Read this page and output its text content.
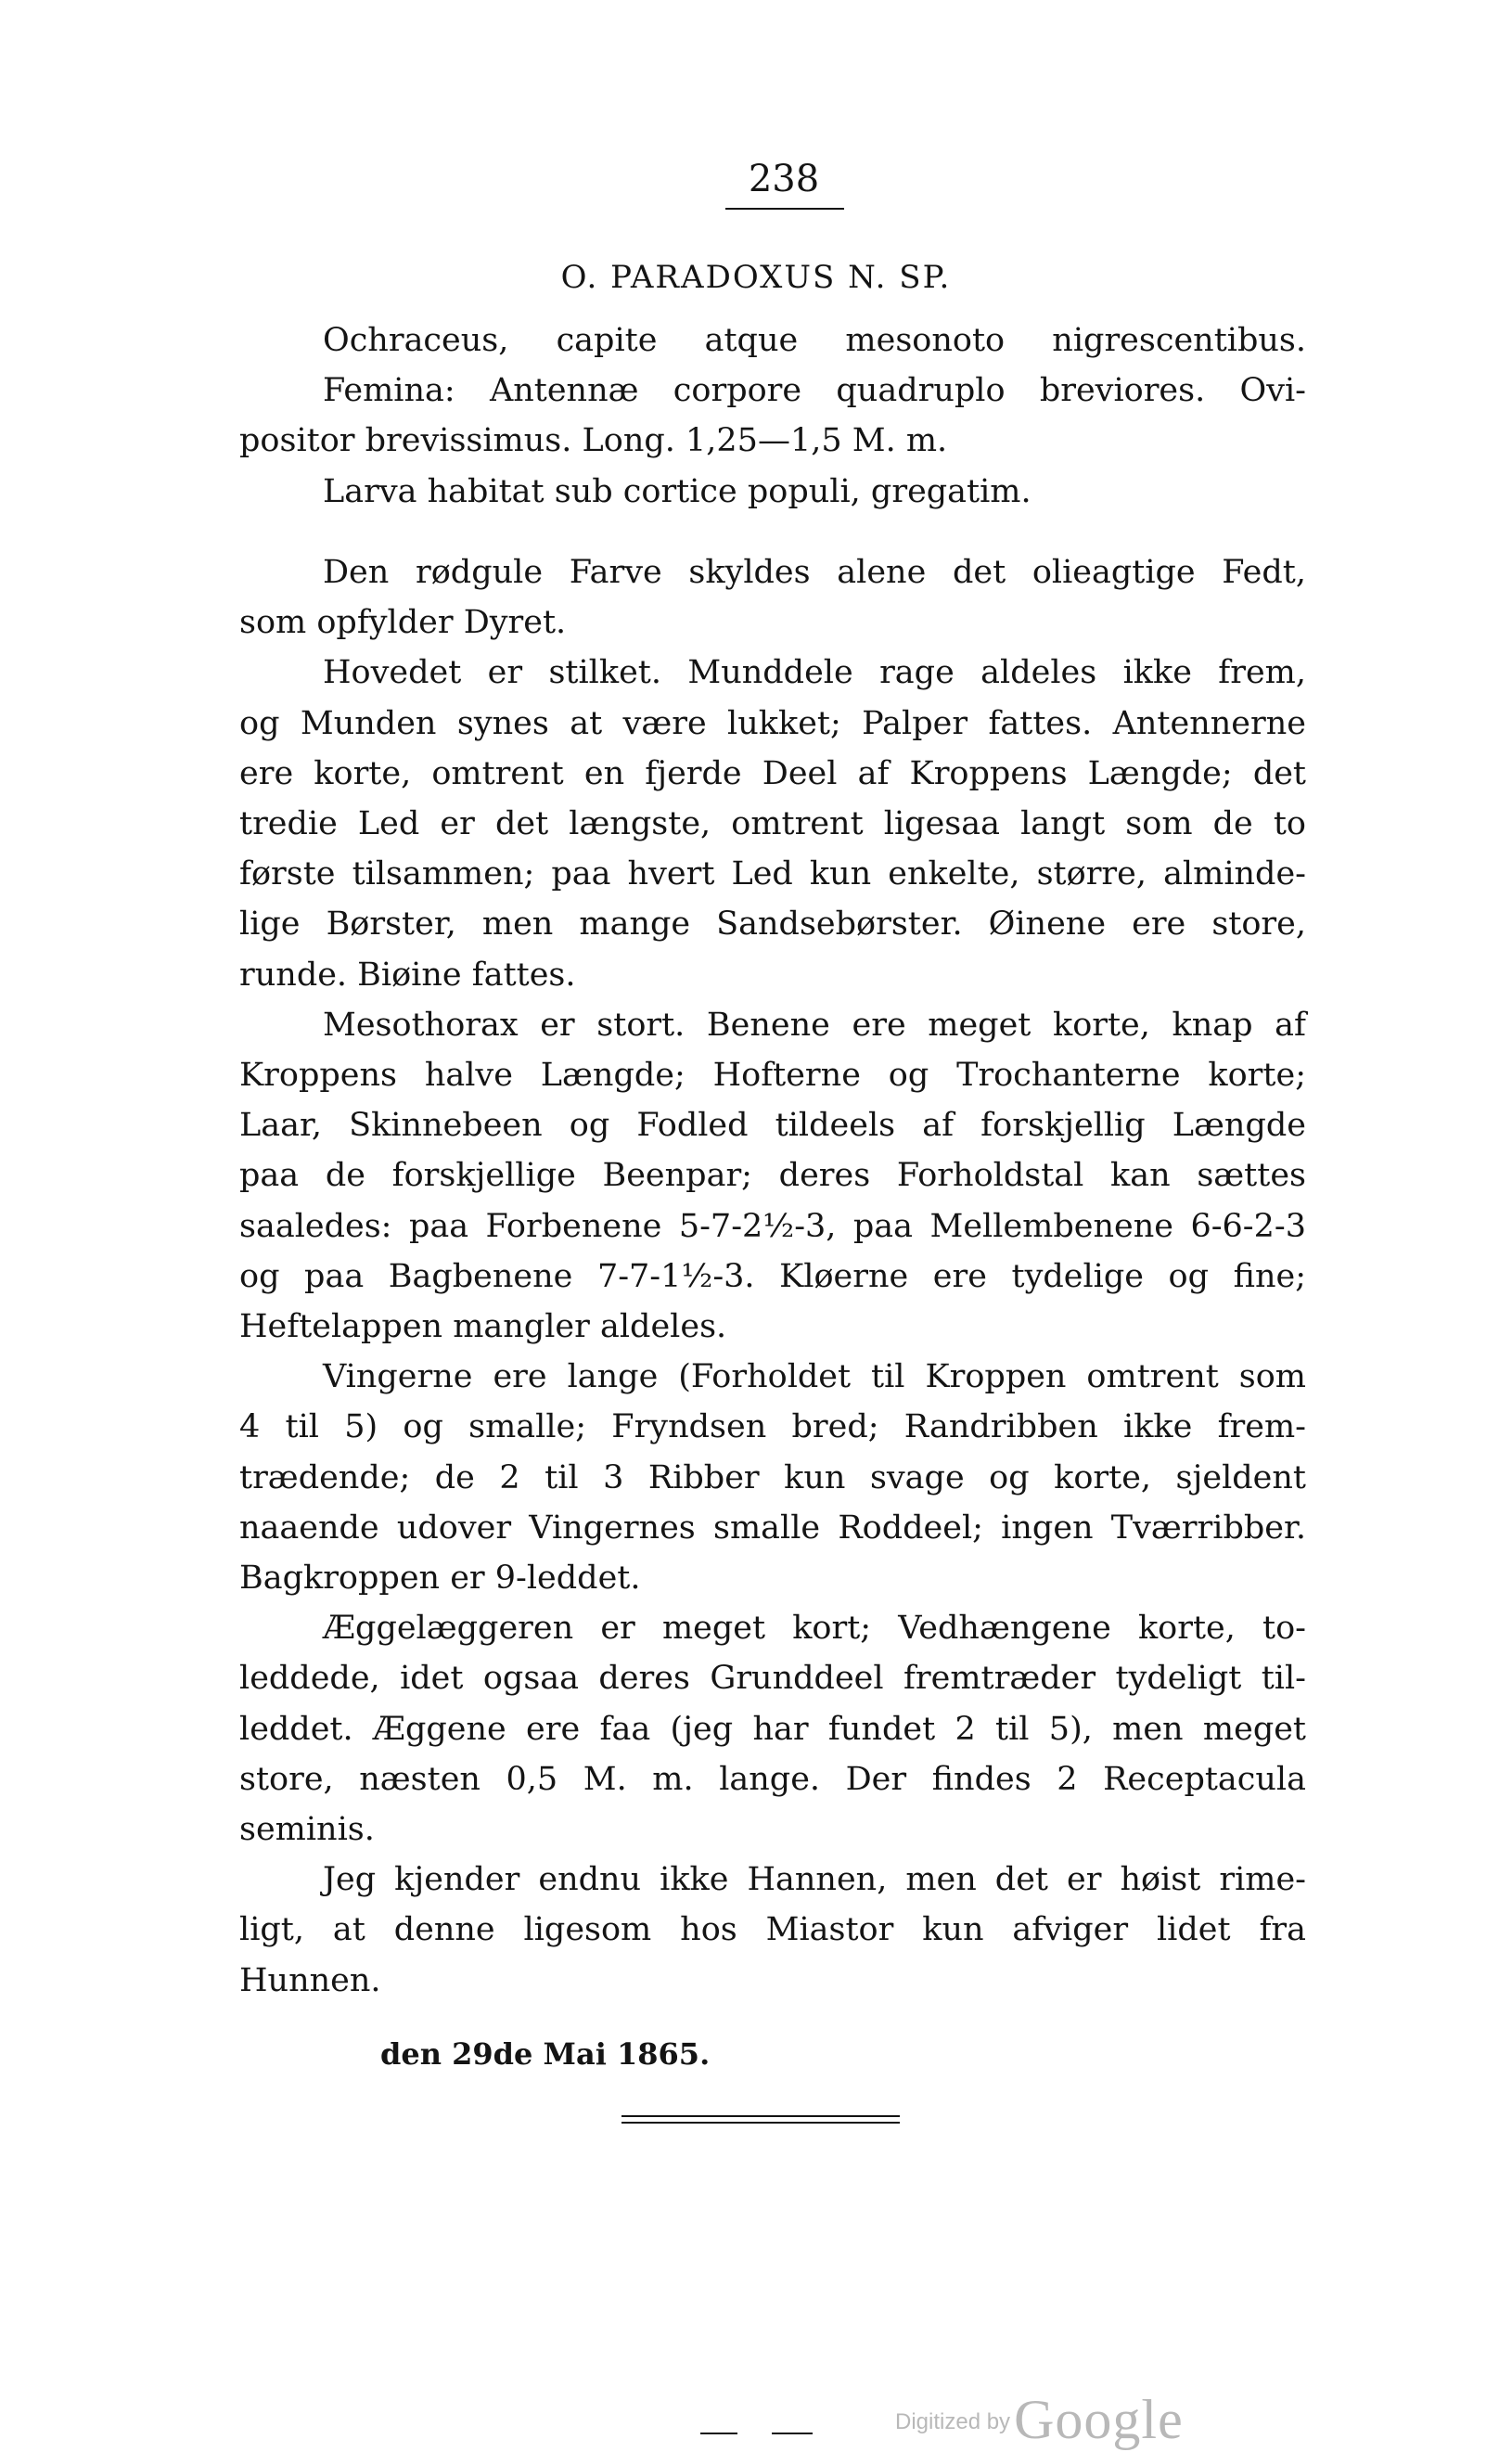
238
O. PARADOXUS N. SP.
Ochraceus, capite atque mesonoto nigrescentibus.
Femina: Antennæ corpore quadruplo breviores. Ovi-
positor brevissimus. Long. 1,25—1,5 M. m.
Larva habitat sub cortice populi, gregatim.
Den rødgule Farve skyldes alene det olieagtige Fedt,
som opfylder Dyret.
Hovedet er stilket. Munddele rage aldeles ikke frem,
og Munden synes at være lukket; Palper fattes. Antennerne
ere korte, omtrent en fjerde Deel af Kroppens Længde; det
tredie Led er det længste, omtrent ligesaa langt som de to
første tilsammen; paa hvert Led kun enkelte, større, alminde-
lige Børster, men mange Sandsebørster. Øinene ere store,
runde. Biøine fattes.
Mesothorax er stort. Benene ere meget korte, knap af
Kroppens halve Længde; Hofterne og Trochanterne korte;
Laar, Skinnebeen og Fodled tildeels af forskjellig Længde
paa de forskjellige Beenpar; deres Forholdstal kan sættes
saaledes: paa Forbenene 5-7-2½-3, paa Mellembenene 6-6-2-3
og paa Bagbenene 7-7-1½-3. Kløerne ere tydelige og fine;
Heftelappen mangler aldeles.
Vingerne ere lange (Forholdet til Kroppen omtrent som
4 til 5) og smalle; Fryndsen bred; Randribben ikke frem-
trædende; de 2 til 3 Ribber kun svage og korte, sjeldent
naaende udover Vingernes smalle Roddeel; ingen Tværribber.
Bagkroppen er 9-leddet.
Æggelæggeren er meget kort; Vedhængene korte, to-
leddede, idet ogsaa deres Grunddeel fremtræder tydeligt til-
leddet. Æggene ere faa (jeg har fundet 2 til 5), men meget
store, næsten 0,5 M. m. lange. Der findes 2 Receptacula
seminis.
Jeg kjender endnu ikke Hannen, men det er høist rime-
ligt, at denne ligesom hos Miastor kun afviger lidet fra
Hunnen.
den 29de Mai 1865.
Digitized byGoogle
